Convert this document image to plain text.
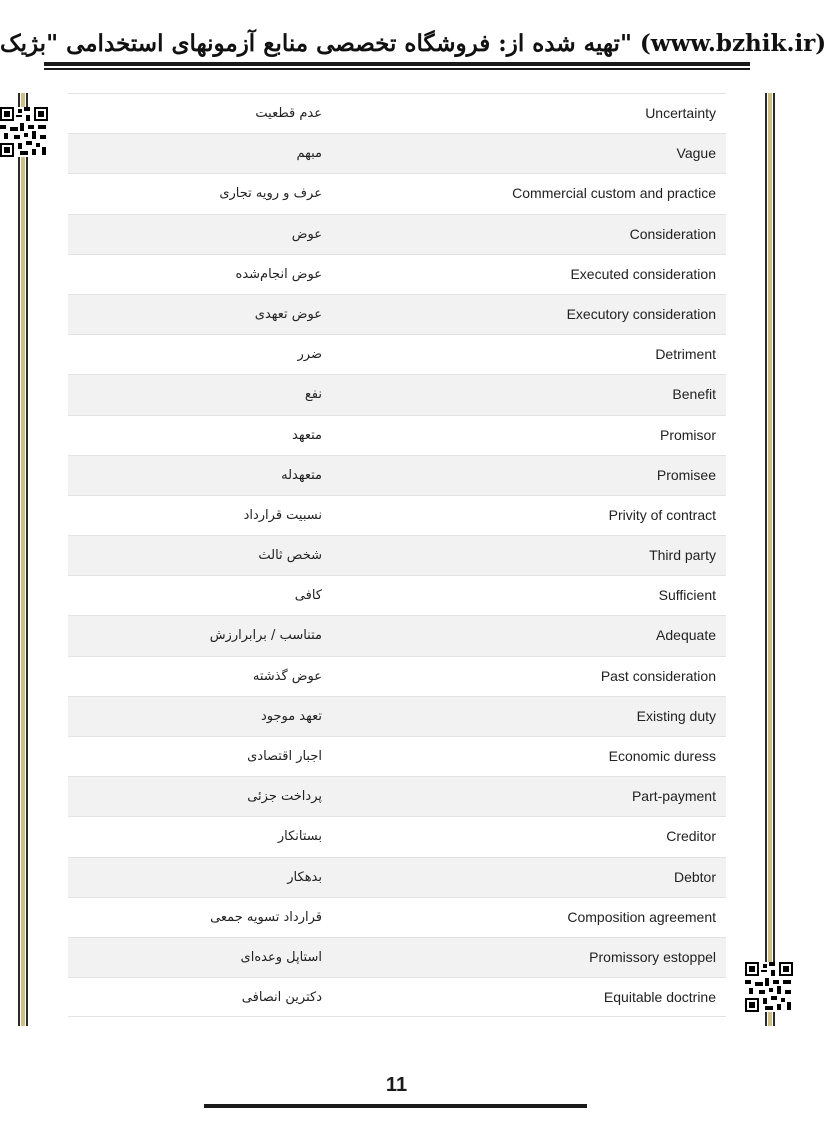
تهیه شده از: فروشگاه تخصصی منابع آزمونهای استخدامی "بژیک" (www.bzhik.ir)
Uncertainty
عدم قطعیت
Vague
مبهم
Commercial custom and practice
عرف و رویه تجاری
Consideration
عوض
Executed consideration
عوض انجام‌شده
Executory consideration
عوض تعهدی
Detriment
ضرر
Benefit
نفع
Promisor
متعهد
Promisee
متعهدله
Privity of contract
نسبیت قرارداد
Third party
شخص ثالث
Sufficient
کافی
Adequate
متناسب / برابرارزش
Past consideration
عوض گذشته
Existing duty
تعهد موجود
Economic duress
اجبار اقتصادی
Part-payment
پرداخت جزئی
Creditor
بستانکار
Debtor
بدهکار
Composition agreement
قرارداد تسویه جمعی
Promissory estoppel
استاپل وعده‌ای
Equitable doctrine
دکترین انصافی
11
